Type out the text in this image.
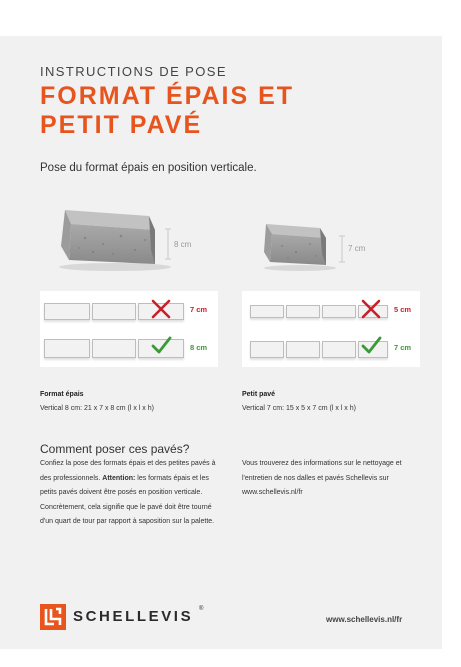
INSTRUCTIONS DE POSE
FORMAT ÉPAIS ET
PETIT PAVÉ
Pose du format épais en position verticale.
8 cm	7 cm
7 cm
8 cm
5 cm
7 cm
Format épais
Vertical 8 cm: 21 x 7 x 8 cm (l x l x h)
Petit pavé
Vertical 7 cm: 15 x 5 x 7 cm (l x l x h)
Comment poser ces pavés?

Confiez la pose des formats épais et des petites pavés à des professionnels. Attention: les formats épais et les petits pavés doivent être posés en position verticale. Concrètement, cela signifie que le pavé doit être tourné d'un quart de tour par rapport à saposition sur la palette.

Vous trouverez des informations sur le nettoyage et l'entretien de nos dalles et pavés Schellevis sur www.schellevis.nl/fr

SCHELLEVIS ®
www.schellevis.nl/fr
